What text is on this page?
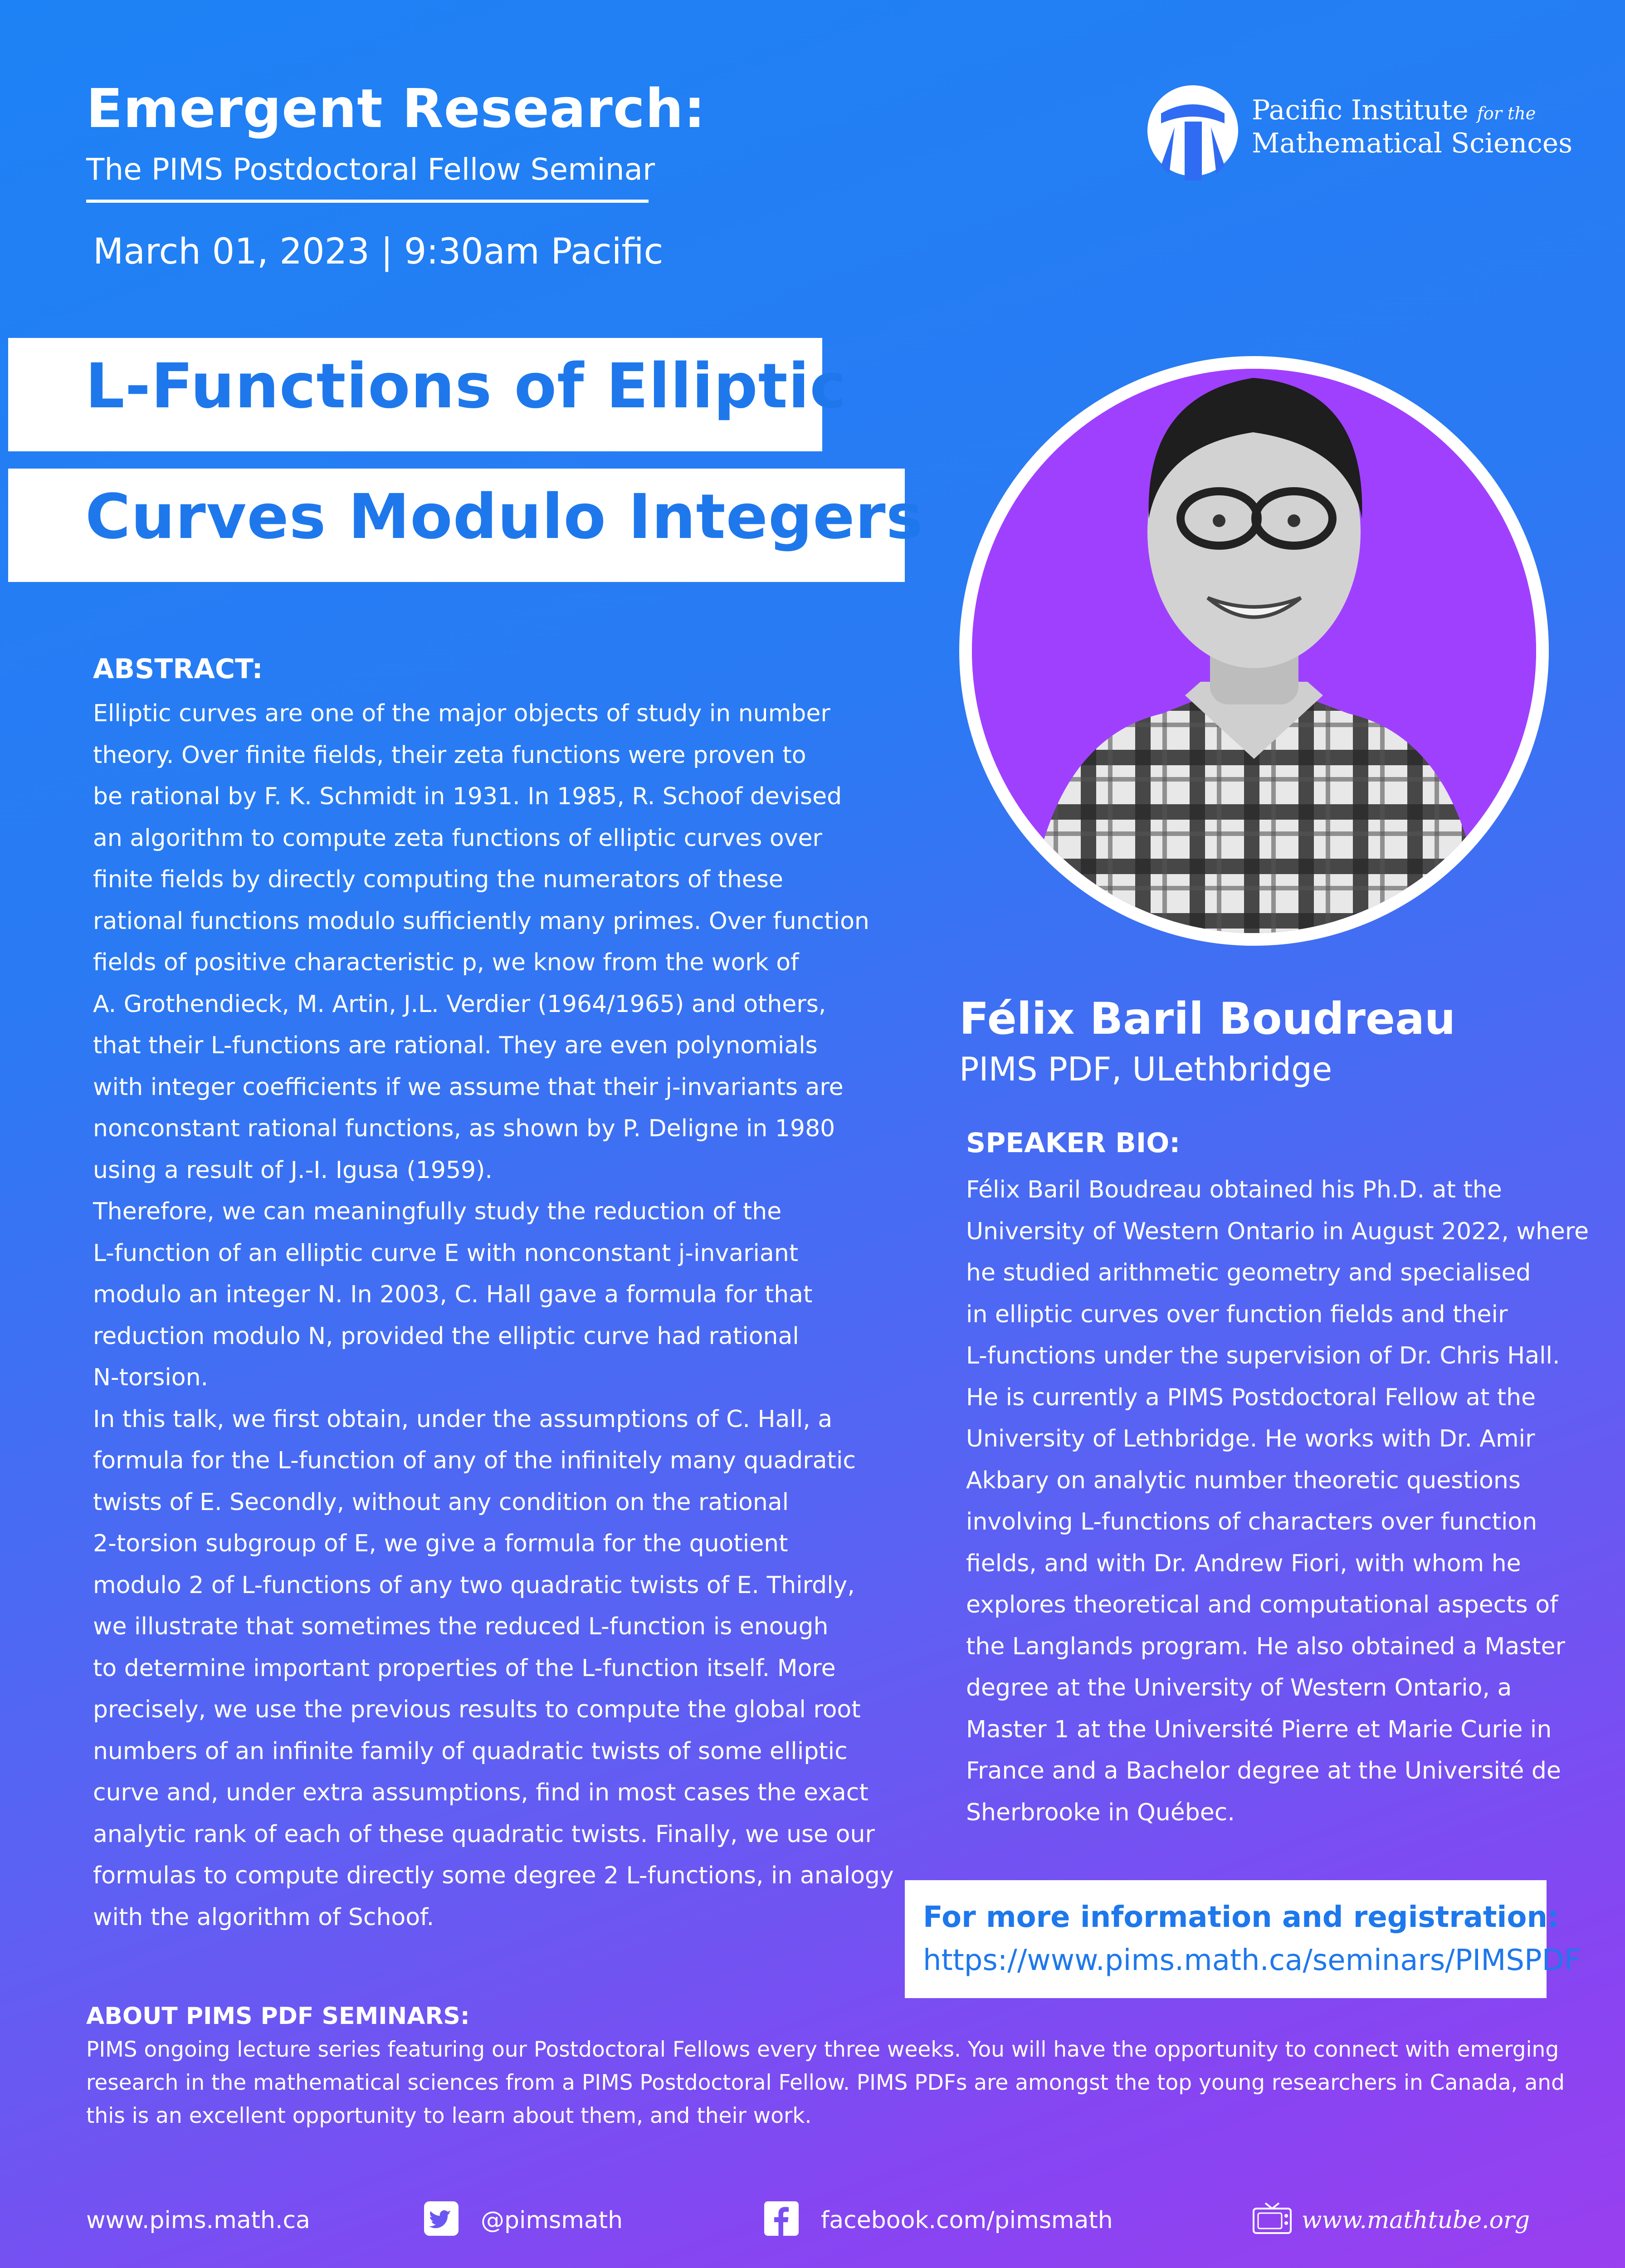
Emergent Research:
The PIMS Postdoctoral Fellow Seminar
March 01, 2023 | 9:30am Pacific
Pacific Institute for the
Mathematical Sciences
L-Functions of Elliptic
Curves Modulo Integers
Félix Baril Boudreau
PIMS PDF, ULethbridge
ABSTRACT:
Elliptic curves are one of the major objects of study in number
theory. Over finite fields, their zeta functions were proven to
be rational by F. K. Schmidt in 1931. In 1985, R. Schoof devised
an algorithm to compute zeta functions of elliptic curves over
finite fields by directly computing the numerators of these
rational functions modulo sufficiently many primes. Over function
fields of positive characteristic p, we know from the work of
A. Grothendieck, M. Artin, J.L. Verdier (1964/1965) and others,
that their L-functions are rational. They are even polynomials
with integer coefficients if we assume that their j-invariants are
nonconstant rational functions, as shown by P. Deligne in 1980
using a result of J.-I. Igusa (1959).
Therefore, we can meaningfully study the reduction of the
L-function of an elliptic curve E with nonconstant j-invariant
modulo an integer N. In 2003, C. Hall gave a formula for that
reduction modulo N, provided the elliptic curve had rational
N-torsion.
In this talk, we first obtain, under the assumptions of C. Hall, a
formula for the L-function of any of the infinitely many quadratic
twists of E. Secondly, without any condition on the rational
2-torsion subgroup of E, we give a formula for the quotient
modulo 2 of L-functions of any two quadratic twists of E. Thirdly,
we illustrate that sometimes the reduced L-function is enough
to determine important properties of the L-function itself. More
precisely, we use the previous results to compute the global root
numbers of an infinite family of quadratic twists of some elliptic
curve and, under extra assumptions, find in most cases the exact
analytic rank of each of these quadratic twists. Finally, we use our
formulas to compute directly some degree 2 L-functions, in analogy
with the algorithm of Schoof.
SPEAKER BIO:
Félix Baril Boudreau obtained his Ph.D. at the
University of Western Ontario in August 2022, where
he studied arithmetic geometry and specialised
in elliptic curves over function fields and their
L-functions under the supervision of Dr. Chris Hall.
He is currently a PIMS Postdoctoral Fellow at the
University of Lethbridge. He works with Dr. Amir
Akbary on analytic number theoretic questions
involving L-functions of characters over function
fields, and with Dr. Andrew Fiori, with whom he
explores theoretical and computational aspects of
the Langlands program. He also obtained a Master
degree at the University of Western Ontario, a
Master 1 at the Université Pierre et Marie Curie in
France and a Bachelor degree at the Université de
Sherbrooke in Québec.
For more information and registration:
https://www.pims.math.ca/seminars/PIMSPDF
ABOUT PIMS PDF SEMINARS:
PIMS ongoing lecture series featuring our Postdoctoral Fellows every three weeks. You will have the opportunity to connect with emerging
research in the mathematical sciences from a PIMS Postdoctoral Fellow. PIMS PDFs are amongst the top young researchers in Canada, and
this is an excellent opportunity to learn about them, and their work.
www.pims.math.ca	@pimsmath	facebook.com/pimsmath	www.mathtube.org
